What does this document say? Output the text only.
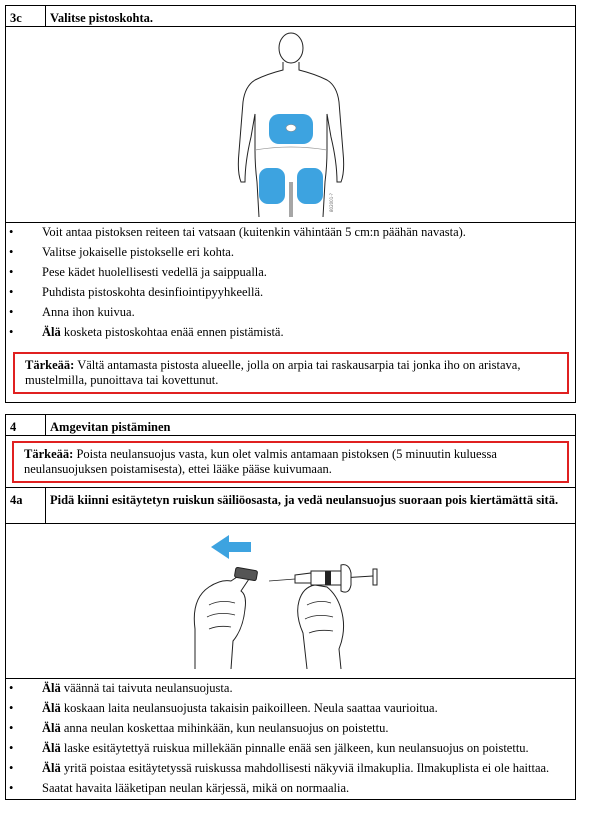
3c	Valitse pistoskohta.
802001-?
• Voit antaa pistoksen reiteen tai vatsaan (kuitenkin vähintään 5 cm:n päähän navasta).
• Valitse jokaiselle pistokselle eri kohta.
• Pese kädet huolellisesti vedellä ja saippualla.
• Puhdista pistoskohta desinfiointipyyhkeellä.
• Anna ihon kuivua.
• Älä kosketa pistoskohtaa enää ennen pistämistä.
Tärkeää: Vältä antamasta pistosta alueelle, jolla on arpia tai raskausarpia tai jonka iho on aristava, mustelmilla, punoittava tai kovettunut.
4	Amgevitan pistäminen
Tärkeää: Poista neulansuojus vasta, kun olet valmis antamaan pistoksen (5 minuutin kuluessa neulansuojuksen poistamisesta), ettei lääke pääse kuivumaan.
4a	Pidä kiinni esitäytetyn ruiskun säiliöosasta, ja vedä neulansuojus suoraan pois kiertämättä sitä.
• Älä väännä tai taivuta neulansuojusta.
• Älä koskaan laita neulansuojusta takaisin paikoilleen. Neula saattaa vaurioitua.
• Älä anna neulan koskettaa mihinkään, kun neulansuojus on poistettu.
• Älä laske esitäytettyä ruiskua millekään pinnalle enää sen jälkeen, kun neulansuojus on poistettu.
• Älä yritä poistaa esitäytetyssä ruiskussa mahdollisesti näkyviä ilmakuplia. Ilmakuplista ei ole haittaa.
• Saatat havaita lääketipan neulan kärjessä, mikä on normaalia.
